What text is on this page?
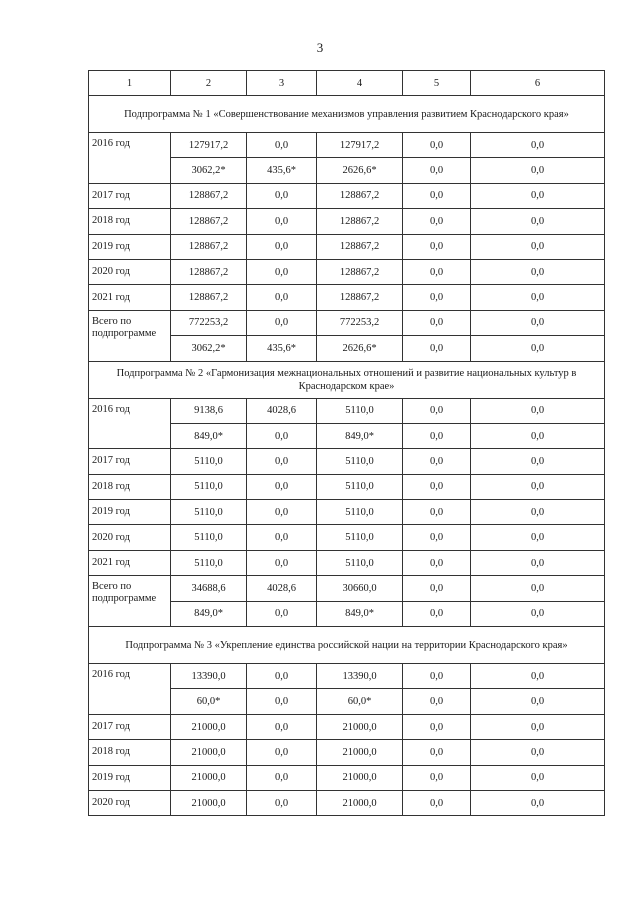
3
1	2	3	4	5	6
Подпрограмма № 1 «Совершенствование механизмов управления развитием Краснодарского края»					
2016 год	127917,2	0,0	127917,2	0,0	0,0
	3062,2*	435,6*	2626,6*	0,0	0,0
2017 год	128867,2	0,0	128867,2	0,0	0,0
2018 год	128867,2	0,0	128867,2	0,0	0,0
2019 год	128867,2	0,0	128867,2	0,0	0,0
2020 год	128867,2	0,0	128867,2	0,0	0,0
2021 год	128867,2	0,0	128867,2	0,0	0,0
Всего по подпрограмме	772253,2	0,0	772253,2	0,0	0,0
	3062,2*	435,6*	2626,6*	0,0	0,0
Подпрограмма № 2 «Гармонизация межнациональных отношений и развитие национальных культур в Краснодарском крае»					
2016 год	9138,6	4028,6	5110,0	0,0	0,0
	849,0*	0,0	849,0*	0,0	0,0
2017 год	5110,0	0,0	5110,0	0,0	0,0
2018 год	5110,0	0,0	5110,0	0,0	0,0
2019 год	5110,0	0,0	5110,0	0,0	0,0
2020 год	5110,0	0,0	5110,0	0,0	0,0
2021 год	5110,0	0,0	5110,0	0,0	0,0
Всего по подпрограмме	34688,6	4028,6	30660,0	0,0	0,0
	849,0*	0,0	849,0*	0,0	0,0
Подпрограмма № 3 «Укрепление единства российской нации на территории Краснодарского края»					
2016 год	13390,0	0,0	13390,0	0,0	0,0
	60,0*	0,0	60,0*	0,0	0,0
2017 год	21000,0	0,0	21000,0	0,0	0,0
2018 год	21000,0	0,0	21000,0	0,0	0,0
2019 год	21000,0	0,0	21000,0	0,0	0,0
2020 год	21000,0	0,0	21000,0	0,0	0,0
